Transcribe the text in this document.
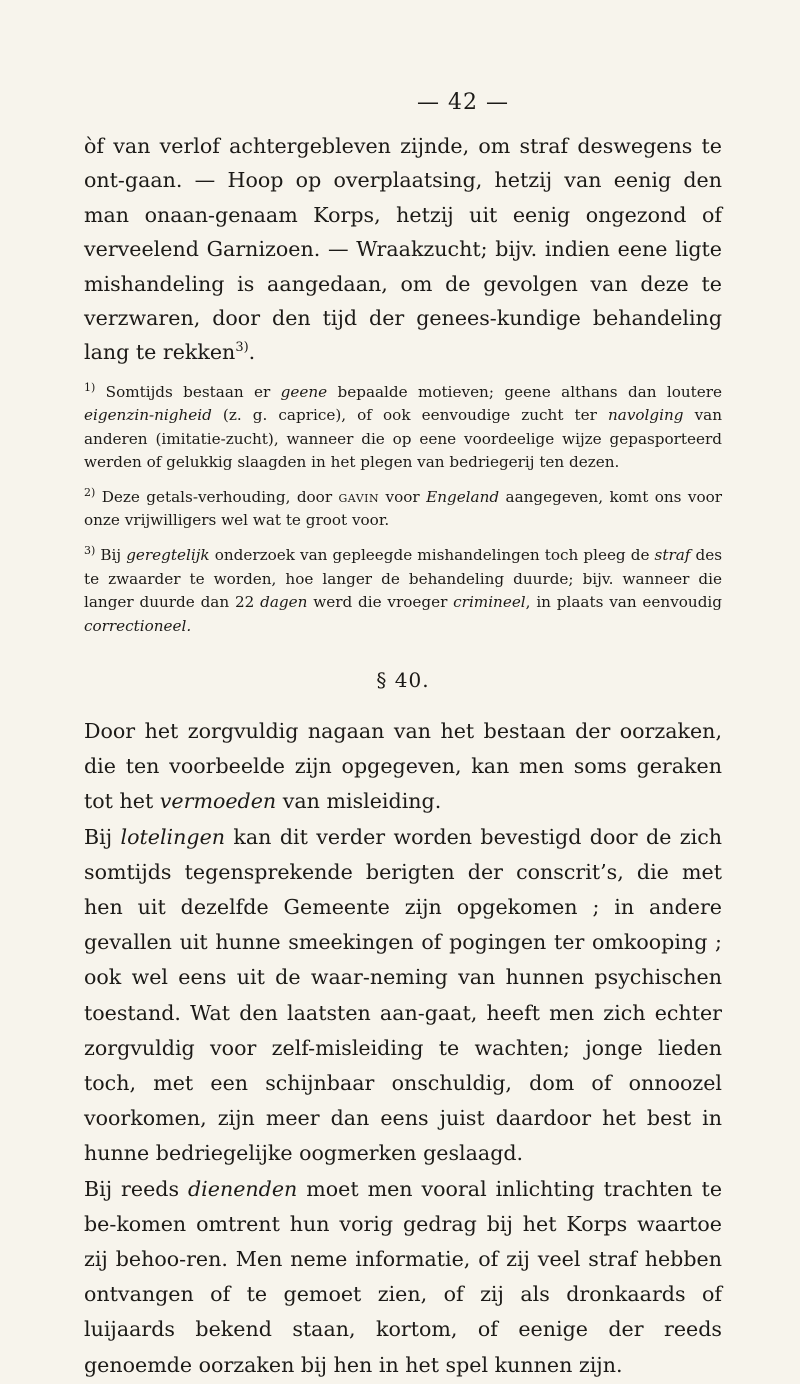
— 42 —

òf van verlof achtergebleven zijnde, om straf deswegens te ont-gaan. — Hoop op overplaatsing, hetzij van eenig den man onaan-genaam Korps, hetzij uit eenig ongezond of verveelend Garnizoen. — Wraakzucht; bijv. indien eene ligte mishandeling is aangedaan, om de gevolgen van deze te verzwaren, door den tijd der genees-kundige behandeling lang te rekken$^{3)}$.

$^{1)}$ Somtijds bestaan er geene bepaalde motieven; geene althans dan loutere eigenzin-nigheid (z. g. caprice), of ook eenvoudige zucht ter navolging van anderen (imitatie-zucht), wanneer die op eene voordeelige wijze gepasporteerd werden of gelukkig slaagden in het plegen van bedriegerij ten dezen.
$^{2)}$ Deze getals-verhouding, door gavin voor Engeland aangegeven, komt ons voor onze vrijwilligers wel wat te groot voor.
$^{3)}$ Bij geregtelijk onderzoek van gepleegde mishandelingen toch pleeg de straf des te zwaarder te worden, hoe langer de behandeling duurde; bijv. wanneer die langer duurde dan 22 dagen werd die vroeger crimineel, in plaats van eenvoudig correctioneel.
§ 40.

Door het zorgvuldig nagaan van het bestaan der oorzaken, die ten voorbeelde zijn opgegeven, kan men soms geraken tot het vermoeden van misleiding.

Bij lotelingen kan dit verder worden bevestigd door de zich somtijds tegensprekende berigten der conscrit’s, die met hen uit dezelfde Gemeente zijn opgekomen ; in andere gevallen uit hunne smeekingen of pogingen ter omkooping ; ook wel eens uit de waar-neming van hunnen psychischen toestand. Wat den laatsten aan-gaat, heeft men zich echter zorgvuldig voor zelf-misleiding te wachten; jonge lieden toch, met een schijnbaar onschuldig, dom of onnoozel voorkomen, zijn meer dan eens juist daardoor het best in hunne bedriegelijke oogmerken geslaagd.

Bij reeds dienenden moet men vooral inlichting trachten te be-komen omtrent hun vorig gedrag bij het Korps waartoe zij behoo-ren. Men neme informatie, of zij veel straf hebben ontvangen of te gemoet zien, of zij als dronkaards of luijaards bekend staan, kortom, of eenige der reeds genoemde oorzaken bij hen in het spel kunnen zijn.
